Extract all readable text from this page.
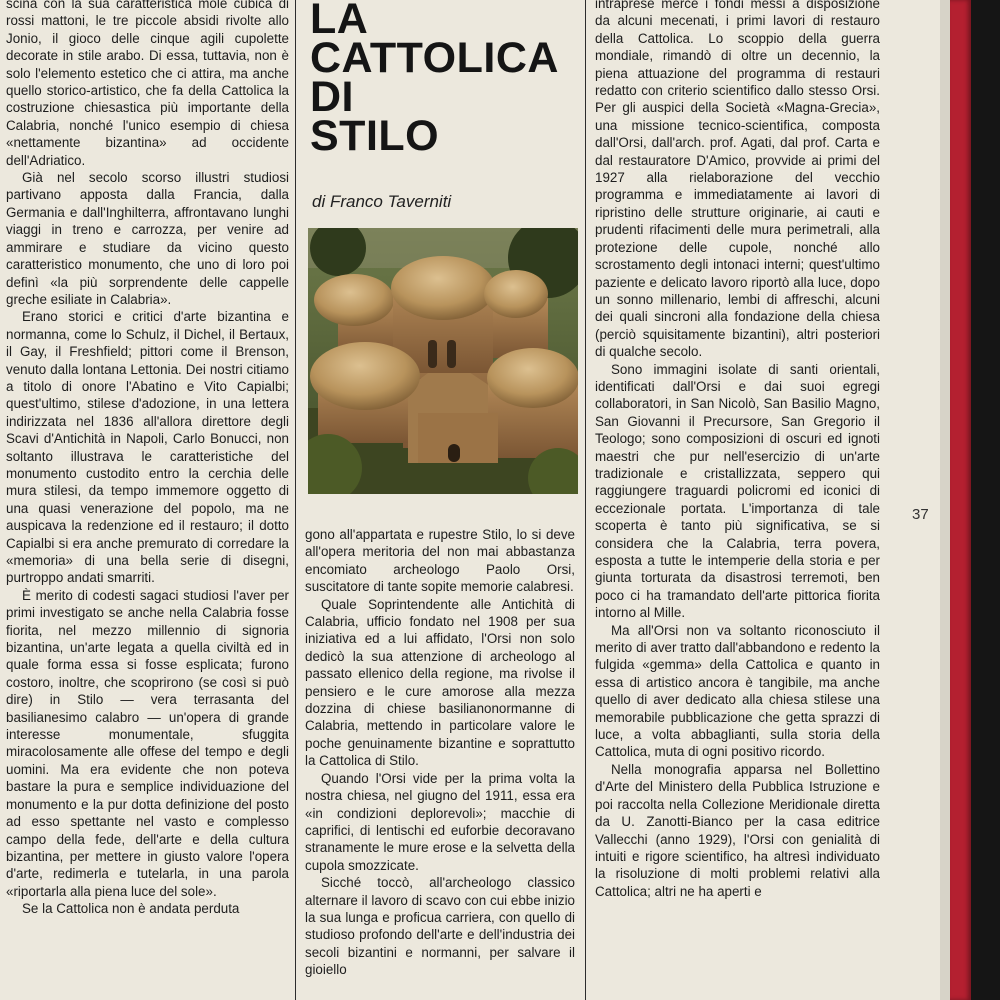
scina con la sua caratteristica mole cubica di rossi mattoni, le tre piccole absidi rivolte allo Jonio, il gioco delle cinque agili cupolette decorate in stile arabo. Di essa, tuttavia, non è solo l'elemento estetico che ci attira, ma anche quello storico-artistico, che fa della Cattolica la costruzione chiesastica più importante della Calabria, nonché l'unico esempio di chiesa «nettamente bizantina» ad occidente dell'Adriatico.

Già nel secolo scorso illustri studiosi partivano apposta dalla Francia, dalla Germania e dall'Inghilterra, affrontavano lunghi viaggi in treno e carrozza, per venire ad ammirare e studiare da vicino questo caratteristico monumento, che uno di loro poi definì «la più sorprendente delle cappelle greche esiliate in Calabria».

Erano storici e critici d'arte bizantina e normanna, come lo Schulz, il Dichel, il Bertaux, il Gay, il Freshfield; pittori come il Brenson, venuto dalla lontana Lettonia. Dei nostri citiamo a titolo di onore l'Abatino e Vito Capialbi; quest'ultimo, stilese d'adozione, in una lettera indirizzata nel 1836 all'allora direttore degli Scavi d'Antichità in Napoli, Carlo Bonucci, non soltanto illustrava le caratteristiche del monumento custodito entro la cerchia delle mura stilesi, da tempo immemore oggetto di una quasi venerazione del popolo, ma ne auspicava la redenzione ed il restauro; il dotto Capialbi si era anche premurato di corredare la «memoria» di una bella serie di disegni, purtroppo andati smarriti.

È merito di codesti sagaci studiosi l'aver per primi investigato se anche nella Calabria fosse fiorita, nel mezzo millennio di signoria bizantina, un'arte legata a quella civiltà ed in quale forma essa si fosse esplicata; furono costoro, inoltre, che scoprirono (se così si può dire) in Stilo — vera terrasanta del basilianesimo calabro — un'opera di grande interesse monumentale, sfuggita miracolosamente alle offese del tempo e degli uomini. Ma era evidente che non poteva bastare la pura e semplice individuazione del monumento e la pur dotta definizione del posto ad esso spettante nel vasto e complesso campo della fede, dell'arte e della cultura bizantina, per mettere in giusto valore l'opera d'arte, redimerla e tutelarla, in una parola «riportarla alla piena luce del sole».

Se la Cattolica non è andata perduta

LA
CATTOLICA
DI
STILO

di Franco Taverniti

gono all'appartata e rupestre Stilo, lo si deve all'opera meritoria del non mai abbastanza encomiato archeologo Paolo Orsi, suscitatore di tante sopite memorie calabresi.

Quale Soprintendente alle Antichità di Calabria, ufficio fondato nel 1908 per sua iniziativa ed a lui affidato, l'Orsi non solo dedicò la sua attenzione di archeologo al passato ellenico della regione, ma rivolse il pensiero e le cure amorose alla mezza dozzina di chiese basilianonormanne di Calabria, mettendo in particolare valore le poche genuinamente bizantine e soprattutto la Cattolica di Stilo.

Quando l'Orsi vide per la prima volta la nostra chiesa, nel giugno del 1911, essa era «in condizioni deplorevoli»; macchie di caprifici, di lentischi ed euforbie decoravano stranamente le mure erose e la selvetta della cupola smozzicate.

Sicché toccò, all'archeologo classico alternare il lavoro di scavo con cui ebbe inizio la sua lunga e proficua carriera, con quello di studioso profondo dell'arte e dell'industria dei secoli bizantini e normanni, per salvare il gioiello

intraprese mercé i fondi messi a disposizione da alcuni mecenati, i primi lavori di restauro della Cattolica. Lo scoppio della guerra mondiale, rimandò di oltre un decennio, la piena attuazione del programma di restauri redatto con criterio scientifico dallo stesso Orsi. Per gli auspici della Società «Magna-Grecia», una missione tecnico-scientifica, composta dall'Orsi, dall'arch. prof. Agati, dal prof. Carta e dal restauratore D'Amico, provvide ai primi del 1927 alla rielaborazione del vecchio programma e immediatamente ai lavori di ripristino delle strutture originarie, ai cauti e prudenti rifacimenti delle mura perimetrali, alla protezione delle cupole, nonché allo scrostamento degli intonaci interni; quest'ultimo paziente e delicato lavoro riportò alla luce, dopo un sonno millenario, lembi di affreschi, alcuni dei quali sincroni alla fondazione della chiesa (perciò squisitamente bizantini), altri posteriori di qualche secolo.

Sono immagini isolate di santi orientali, identificati dall'Orsi e dai suoi egregi collaboratori, in San Nicolò, San Basilio Magno, San Giovanni il Precursore, San Gregorio il Teologo; sono composizioni di oscuri ed ignoti maestri che pur nell'esercizio di un'arte tradizionale e cristallizzata, seppero qui raggiungere traguardi policromi ed iconici di eccezionale portata. L'importanza di tale scoperta è tanto più significativa, se si considera che la Calabria, terra povera, esposta a tutte le intemperie della storia e per giunta torturata da disastrosi terremoti, ben poco ci ha tramandato dell'arte pittorica fiorita intorno al Mille.

Ma all'Orsi non va soltanto riconosciuto il merito di aver tratto dall'abbandono e redento la fulgida «gemma» della Cattolica e quanto in essa di artistico ancora è tangibile, ma anche quello di aver dedicato alla chiesa stilese una memorabile pubblicazione che getta sprazzi di luce, a volta abbaglianti, sulla storia della Cattolica, muta di ogni positivo ricordo.

Nella monografia apparsa nel Bollettino d'Arte del Ministero della Pubblica Istruzione e poi raccolta nella Collezione Meridionale diretta da U. Zanotti-Bianco per la casa editrice Vallecchi (anno 1929), l'Orsi con genialità di intuiti e rigore scientifico, ha altresì individuato la risoluzione di molti problemi relativi alla Cattolica; altri ne ha aperti e

37
